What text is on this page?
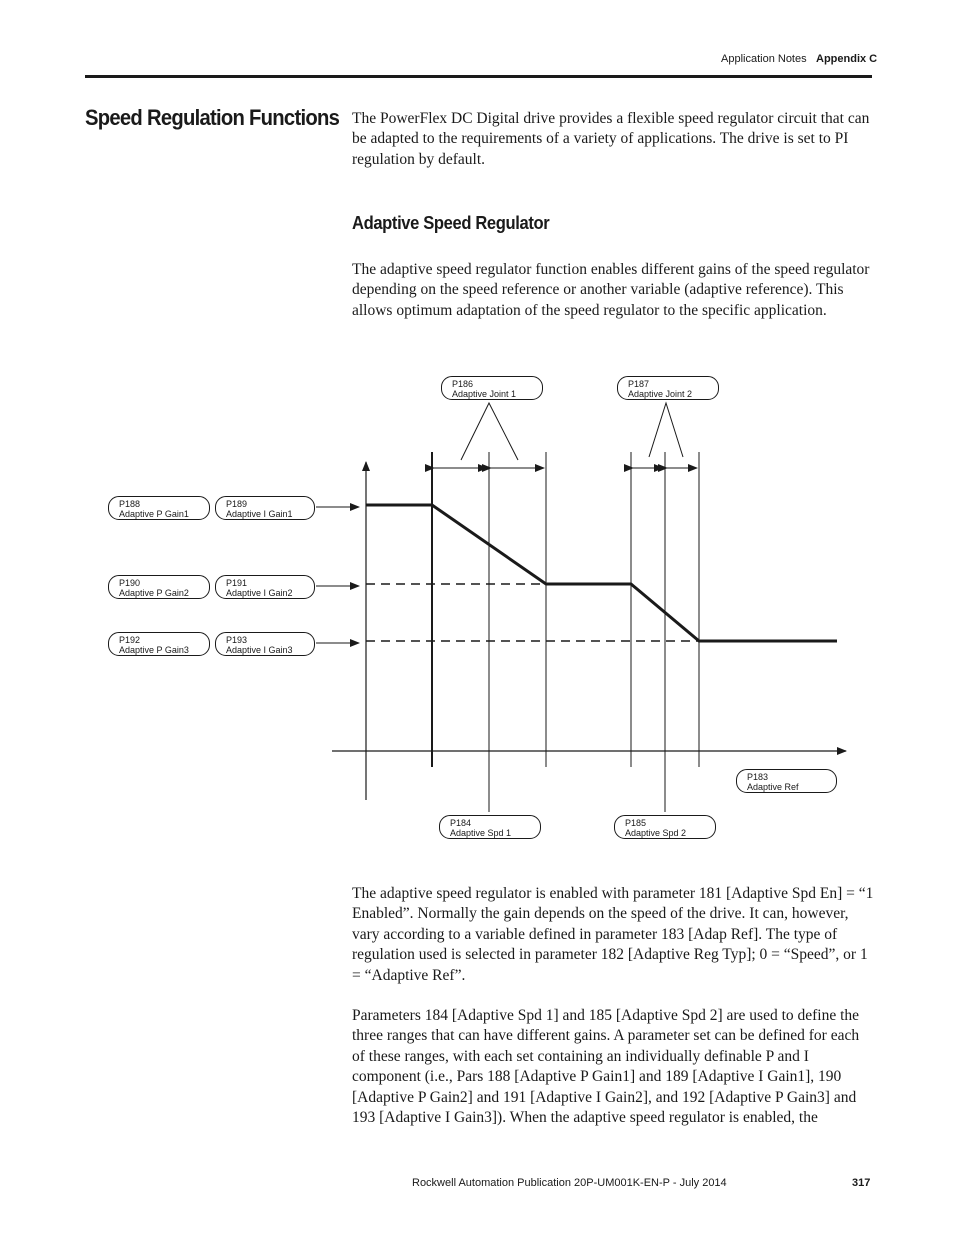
Application Notes Appendix C
Speed Regulation Functions The PowerFlex DC Digital drive provides a flexible speed regulator circuit that can be adapted to the requirements of a variety of applications. The drive is set to PI regulation by default.
Adaptive Speed Regulator
The adaptive speed regulator function enables different gains of the speed regulator depending on the speed reference or another variable (adaptive reference). This allows optimum adaptation of the speed regulator to the specific application.
P186
Adaptive Joint 1
P187
Adaptive Joint 2
P188
Adaptive P Gain1
P189
Adaptive I Gain1
P190
Adaptive P Gain2
P191
Adaptive I Gain2
P192
Adaptive P Gain3
P193
Adaptive I Gain3
P183
Adaptive Ref
P184
Adaptive Spd 1
P185
Adaptive Spd 2
The adaptive speed regulator is enabled with parameter 181 [Adaptive Spd En] = “1 Enabled”. Normally the gain depends on the speed of the drive. It can, however, vary according to a variable defined in parameter 183 [Adap Ref]. The type of regulation used is selected in parameter 182 [Adaptive Reg Typ]; 0 = “Speed”, or 1 = “Adaptive Ref”.
Parameters 184 [Adaptive Spd 1] and 185 [Adaptive Spd 2] are used to define the three ranges that can have different gains. A parameter set can be defined for each of these ranges, with each set containing an individually definable P and I component (i.e., Pars 188 [Adaptive P Gain1] and 189 [Adaptive I Gain1], 190 [Adaptive P Gain2] and 191 [Adaptive I Gain2], and 192 [Adaptive P Gain3] and 193 [Adaptive I Gain3]). When the adaptive speed regulator is enabled, the
Rockwell Automation Publication 20P-UM001K-EN-P - July 2014	317
